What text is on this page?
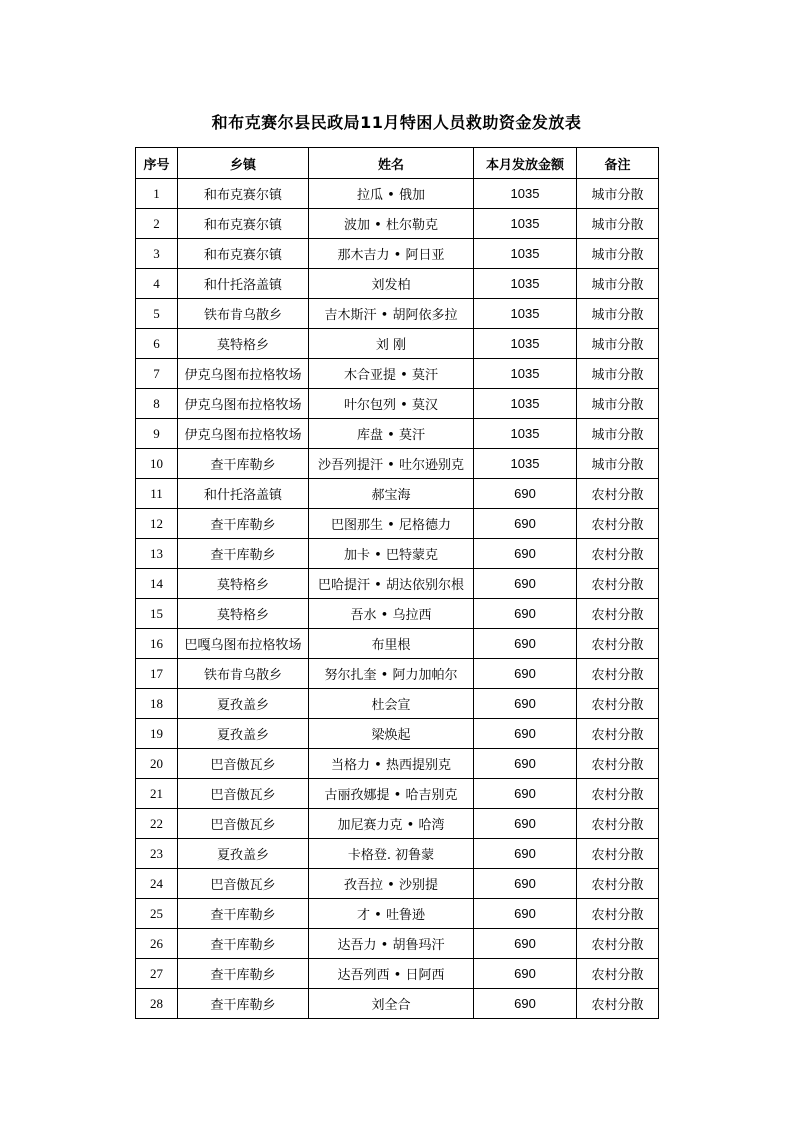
和布克赛尔县民政局11月特困人员救助资金发放表
序号	乡镇	姓名	本月发放金额	备注
1	和布克赛尔镇	拉瓜 • 俄加	1035	城市分散
2	和布克赛尔镇	波加 • 杜尔勒克	1035	城市分散
3	和布克赛尔镇	那木吉力 • 阿日亚	1035	城市分散
4	和什托洛盖镇	刘发柏	1035	城市分散
5	铁布肯乌散乡	吉木斯汗 • 胡阿依多拉	1035	城市分散
6	莫特格乡	刘 刚	1035	城市分散
7	伊克乌图布拉格牧场	木合亚提 • 莫汗	1035	城市分散
8	伊克乌图布拉格牧场	叶尔包列 • 莫汉	1035	城市分散
9	伊克乌图布拉格牧场	库盘 • 莫汗	1035	城市分散
10	查干库勒乡	沙吾列提汗 • 吐尔逊别克	1035	城市分散
11	和什托洛盖镇	郝宝海	690	农村分散
12	查干库勒乡	巴图那生 • 尼格德力	690	农村分散
13	查干库勒乡	加卡 • 巴特蒙克	690	农村分散
14	莫特格乡	巴哈提汗 • 胡达依别尔根	690	农村分散
15	莫特格乡	吾水 • 乌拉西	690	农村分散
16	巴嘎乌图布拉格牧场	布里根	690	农村分散
17	铁布肯乌散乡	努尔扎奎 • 阿力加帕尔	690	农村分散
18	夏孜盖乡	杜会宣	690	农村分散
19	夏孜盖乡	梁焕起	690	农村分散
20	巴音傲瓦乡	当格力 • 热西提别克	690	农村分散
21	巴音傲瓦乡	古丽孜娜提 • 哈吉别克	690	农村分散
22	巴音傲瓦乡	加尼赛力克 • 哈湾	690	农村分散
23	夏孜盖乡	卡格登. 初鲁蒙	690	农村分散
24	巴音傲瓦乡	孜吾拉 • 沙别提	690	农村分散
25	查干库勒乡	才 • 吐鲁逊	690	农村分散
26	查干库勒乡	达吾力 • 胡鲁玛汗	690	农村分散
27	查干库勒乡	达吾列西 • 日阿西	690	农村分散
28	查干库勒乡	刘全合	690	农村分散
